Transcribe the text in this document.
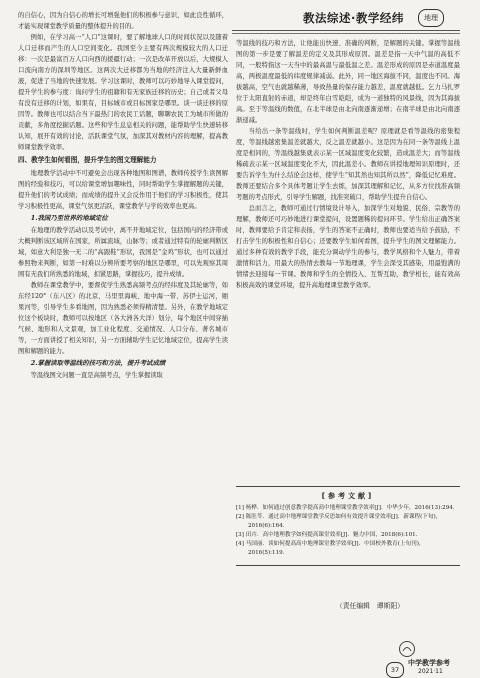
教法综述·教学经纬	地理

的自信心，因为自信心的增长可增强他们的积极参与意识，如此良性循环，才能实现课堂教学质量的整体提升的目的。

例如，在学习高一“人口”这课时，要了解地球人口的时间状况以及随着人口迁移而产生的人口空间变化。我国至今主要有两次规模较大的人口迁移：一次是最富百万人口向西的援疆行动；一次是改革开放以后，大规模人口流向南方的深圳等地区。这两次大迁移都为当地的经济注入大量新鲜血液，促进了当地的快速发展。学习这课时，教师可以巧妙地导入课堂提问，提升学生的参与度：询问学生的祖籍和有无家族迁移的历史；自己或者父母有没有迁移的计划，如果有，目标城市或目标国家是哪里。谈一谈迁移的原因等。教师也可以结合当下最热门的农民工话题，聊聊农民工为城市所做的贡献，多角度挖掘话题。这些和学生息息相关的问题，能帮助学生快速转移认知，展开有效的讨论，活跃课堂气氛，加深其对教材内容的理解，提高教师课堂教学效率。

四、教学生如何看图，提升学生的图文理解能力

地理教学活动中不可避免会出现各种地图和图谱，教师传授学生读图解图的经验和技巧，可以给课堂增加趣味性，同时帮助学生掌握解题的关键，提升他们的考试成绩；而成绩的提升又会反作用于他们的学习积极性，使其学习积极性更高，课堂气氛更活跃，课堂教学与学的效率也更高。

1.我国乃至世界的地域定位

在地理的教学活动以及考试中，离不开地域定位，包括国内的经济带或大概判断该区域所在国家，所属流域，山脉等；或者通过特有的轮廓判断区域，如意大利是独一无二的“高跟鞋”形状，我国是“金鸡”形状，也可以通过参照物来判断，如第一时难以分辨所要考察的地区是哪里，可以先观察其周围有无我们所熟悉的地域，扣紧思路，掌握技巧，提升成绩。

教师在课堂教学中，要督促学生熟悉高频考点的经纬度及其轮廓等，如东经120°（东八区）的北京、马里里海峡、地中海一带、苏伊士运河，厢果河等，引导学生多看地图，因为熟悉必须得精清楚。另外，在教学地域定位这个板块时，教师可以按地区（各大洲各大洋）划分，每个地区中间穿插气候、地形和人文景观，加工业化程度、交通情况、人口分布、著名城市等，一方面讲授了相关知识，另一方面辅助学生记忆地域定位，提高学生读图和解题的能力。

2.掌握读取等温线的技巧和方法，提升考试成绩

等温线图文问题一直是高频考点，学生掌握读取

等温线的技巧和方法，让他能出快速、准确的判断，是解题的关键。掌握等温线图的第一步是要了解温差的定义及其形成原因。温差是指一天中气温的高低不同，一般特指这一天当中的最高温与最低温之差。温差形成的原因是赤道温度最高，两极温度最低的纬度规律减弱。此外，同一地区海拔不同，温度也不同。海拔越高，空气也就越稀薄，导致热量的保存能力越差，温度就越低。乞力马扎罗位于太阳直射的赤道，却是终年白雪皑皑，成为一道独特的风景线，因为其海拔高。至于等温线的数值，在北半球是由北向南逐渐递增；在南半球是由北向南逐渐递减。

当给出一条等温线时，学生如何判断温差呢？原理就是看等温线的密集程度，等温线越密集温差就越大，反之温差就越小。这是因为在同一条等温线上温度是相同的，等温线越集就表示某一区域温度变化较繁，造成温差大；而等温线稀疏表示某一区域温度变化不大，因此温差小。教师在讲授地理知识原理时，还要告诉学生为什么结论会这样，使学生“知其然也知其所以然”，降低记忆难度。教师还要结合多个具体考题让学生去练，加深其理解和记忆，从多方位找准高频考题的考点形式，引导学生解题，找准突破口，帮助学生提升自信心。

总而言之，教师可通过行情境设计导入，加深学生对地貌、民俗、宗教等的理解，教师还可巧妙地进行课堂提问，设置题稀的提问环节。学生给出正确答案时，教师要给予肯定和表扬，学生的答案不正确时，教师也要适当给予鼓励，不打击学生的积极性和自信心；还要教学生如何看图，提升学生的图文理解能力。通过多种有效的教学手段，能充分调动学生的参与，教学风格和个人魅力，带着激情和活力，用最大的热情去教每一节地理课，学生会深受其感染，用最饱满的情绪去迎接每一节课。教师和学生的全情投入、互帮互助，教学相长，能有效高积极高效的课堂环境，提升高地理课堂教学效率。

[参考文献]
[1] 杨桦．如何通过创意教学提高高中地理课堂教学效率[J]．中华少年，2016(13):294．
[2] 陈肚苓．通过高中地理课堂教学反思如何有效提升课堂效率[J]．新课程(下旬)，2016(6):164．
[3] 田卉．高中地理教学如何提高课堂效率[J]．魅力中国，2018(6):101．
[4] 马国丽．谈如何提高高中地理课堂教学效率[J]．中国校外教育(上旬刊)，2016(5):119．
（责任编辑　谭斯阳）
37
中学教学参考
2021·11
